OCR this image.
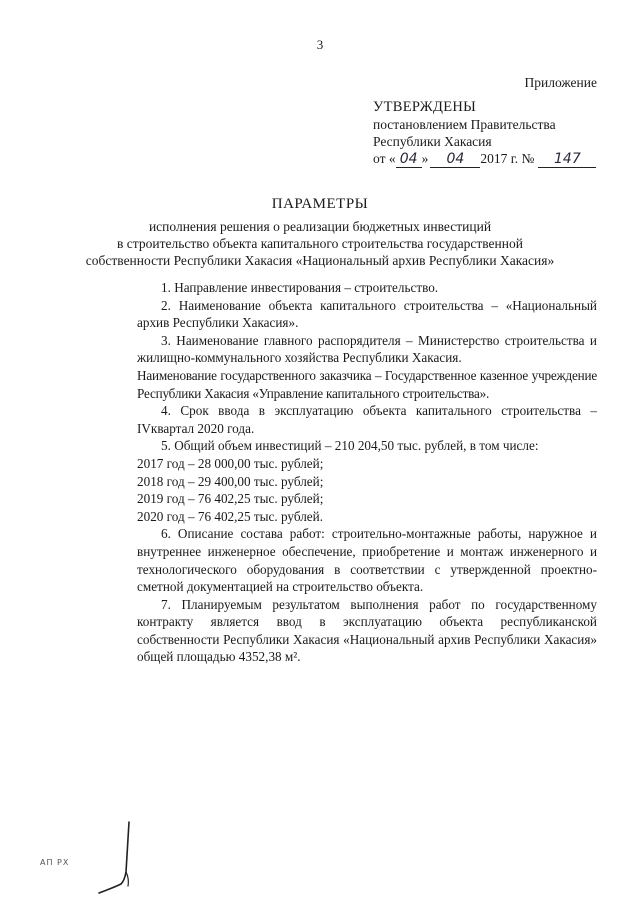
3
Приложение
УТВЕРЖДЕНЫ
постановлением Правительства
Республики Хакасия
от « 04 » 04 2017 г. № 147
ПАРАМЕТРЫ
исполнения решения о реализации бюджетных инвестиций
в строительство объекта капитального строительства государственной
собственности Республики Хакасия «Национальный архив Республики Хакасия»

1. Направление инвестирования – строительство.

2. Наименование объекта капитального строительства – «Национальный архив Республики Хакасия».

3. Наименование главного распорядителя – Министерство строительства и жилищно-коммунального хозяйства Республики Хакасия.

Наименование государственного заказчика – Государственное казенное учреждение Республики Хакасия «Управление капитального строительства».

4. Срок ввода в эксплуатацию объекта капитального строительства – IVквартал 2020 года.

5. Общий объем инвестиций – 210 204,50 тыс. рублей, в том числе:

2017 год – 28 000,00 тыс. рублей;

2018 год – 29 400,00 тыс. рублей;

2019 год – 76 402,25 тыс. рублей;

2020 год – 76 402,25 тыс. рублей.

6. Описание состава работ: строительно-монтажные работы, наружное и внутреннее инженерное обеспечение, приобретение и монтаж инженерного и технологического оборудования в соответствии с утвержденной проектно-сметной документацией на строительство объекта.

7. Планируемым результатом выполнения работ по государственному контракту является ввод в эксплуатацию объекта республиканской собственности Республики Хакасия «Национальный архив Республики Хакасия» общей площадью 4352,38 м².

АП РХ
